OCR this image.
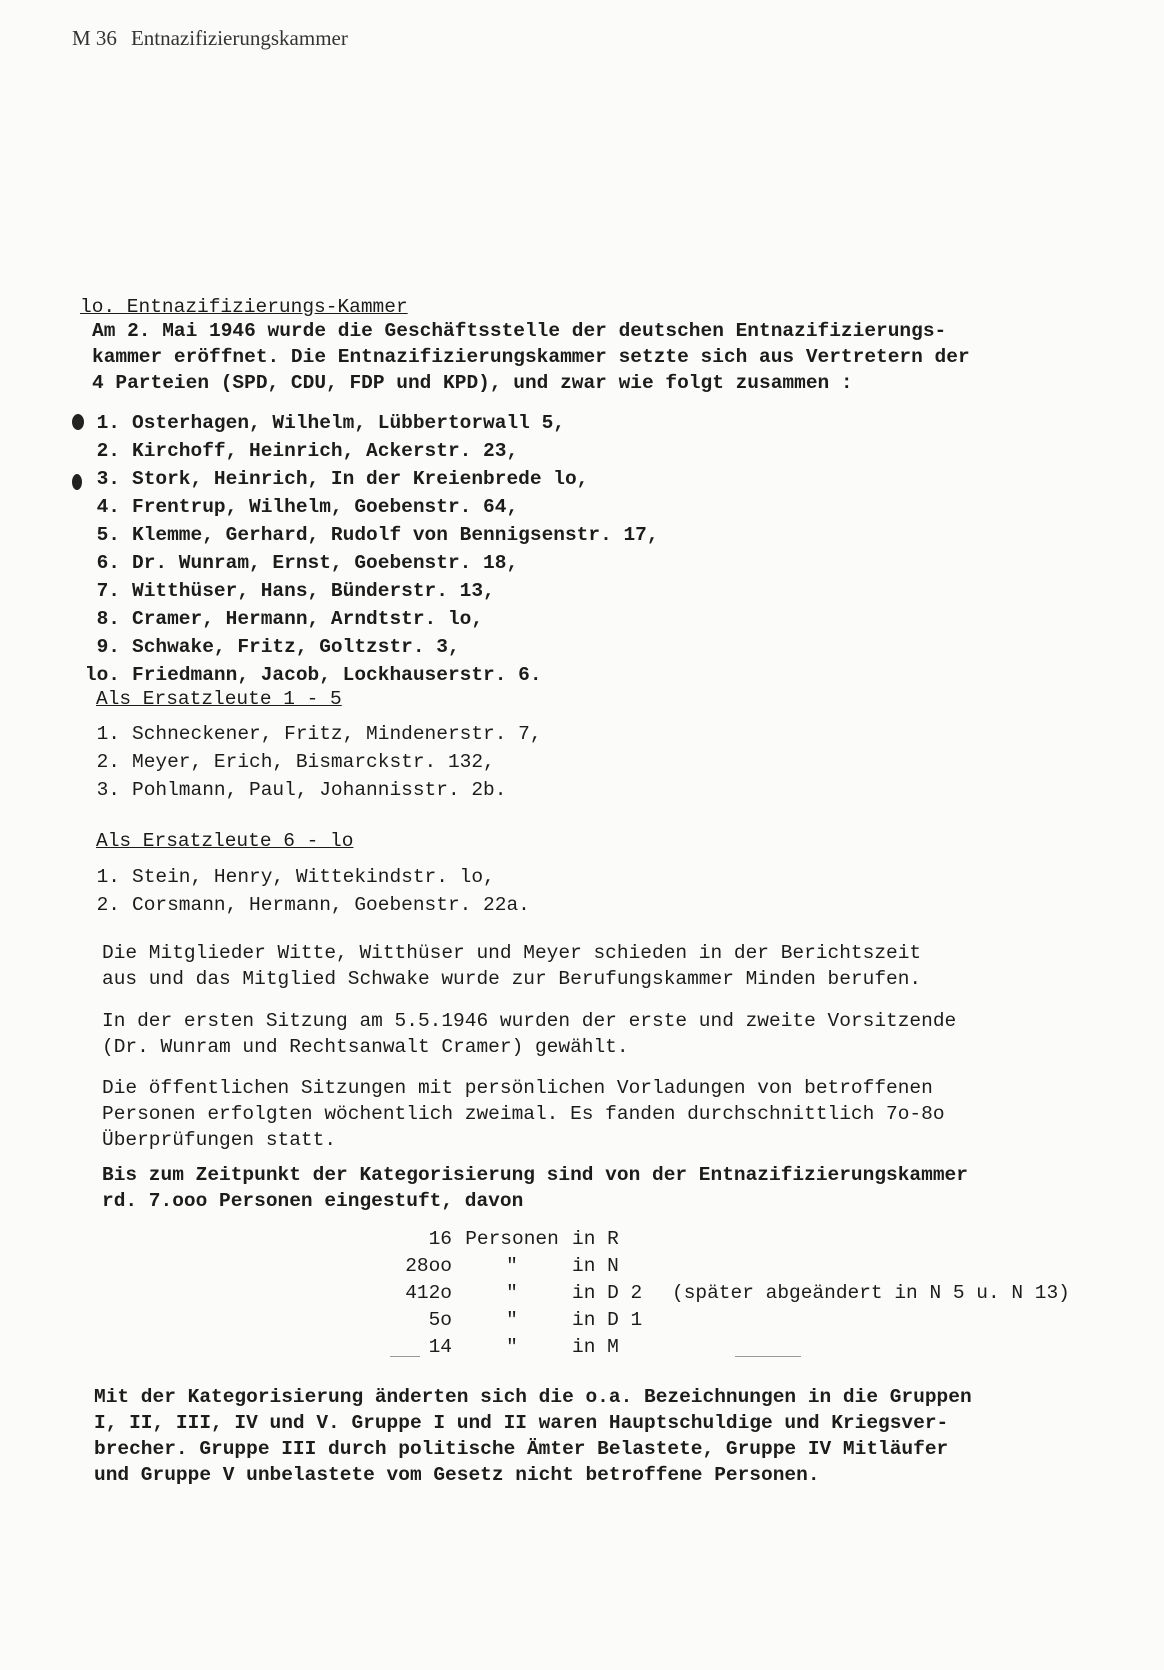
M 36 Entnazifizierungskammer
lo. Entnazifizierungs-Kammer

Am 2. Mai 1946 wurde die Geschäftsstelle der deutschen Entnazifizierungs-

kammer eröffnet. Die Entnazifizierungskammer setzte sich aus Vertretern der

4 Parteien (SPD, CDU, FDP und KPD), und zwar wie folgt zusammen :

1. Osterhagen, Wilhelm, Lübbertorwall 5,
2. Kirchoff, Heinrich, Ackerstr. 23,
3. Stork, Heinrich, In der Kreienbrede lo,
4. Frentrup, Wilhelm, Goebenstr. 64,
5. Klemme, Gerhard, Rudolf von Bennigsenstr. 17,
6. Dr. Wunram, Ernst, Goebenstr. 18,
7. Witthüser, Hans, Bünderstr. 13,
8. Cramer, Hermann, Arndtstr. lo,
9. Schwake, Fritz, Goltzstr. 3,
lo. Friedmann, Jacob, Lockhauserstr. 6.
Als Ersatzleute 1 - 5
1. Schneckener, Fritz, Mindenerstr. 7,
2. Meyer, Erich, Bismarckstr. 132,
3. Pohlmann, Paul, Johannisstr. 2b.
Als Ersatzleute 6 - lo
1. Stein, Henry, Wittekindstr. lo,
2. Corsmann, Hermann, Goebenstr. 22a.

Die Mitglieder Witte, Witthüser und Meyer schieden in der Berichtszeit

aus und das Mitglied Schwake wurde zur Berufungskammer Minden berufen.

In der ersten Sitzung am 5.5.1946 wurden der erste und zweite Vorsitzende

(Dr. Wunram und Rechtsanwalt Cramer) gewählt.

Die öffentlichen Sitzungen mit persönlichen Vorladungen von betroffenen

Personen erfolgten wöchentlich zweimal. Es fanden durchschnittlich 7o-8o

Überprüfungen statt.

Bis zum Zeitpunkt der Kategorisierung sind von der Entnazifizierungskammer

rd. 7.ooo Personen eingestuft, davon

16	Personen	in R	
28oo	"	in N	
412o	"	in D 2	(später abgeändert in N 5 u. N 13)
5o	"	in D 1	
14	"	in M	

Mit der Kategorisierung änderten sich die o.a. Bezeichnungen in die Gruppen

I, II, III, IV und V. Gruppe I und II waren Hauptschuldige und Kriegsver-

brecher. Gruppe III durch politische Ämter Belastete, Gruppe IV Mitläufer

und Gruppe V unbelastete vom Gesetz nicht betroffene Personen.
